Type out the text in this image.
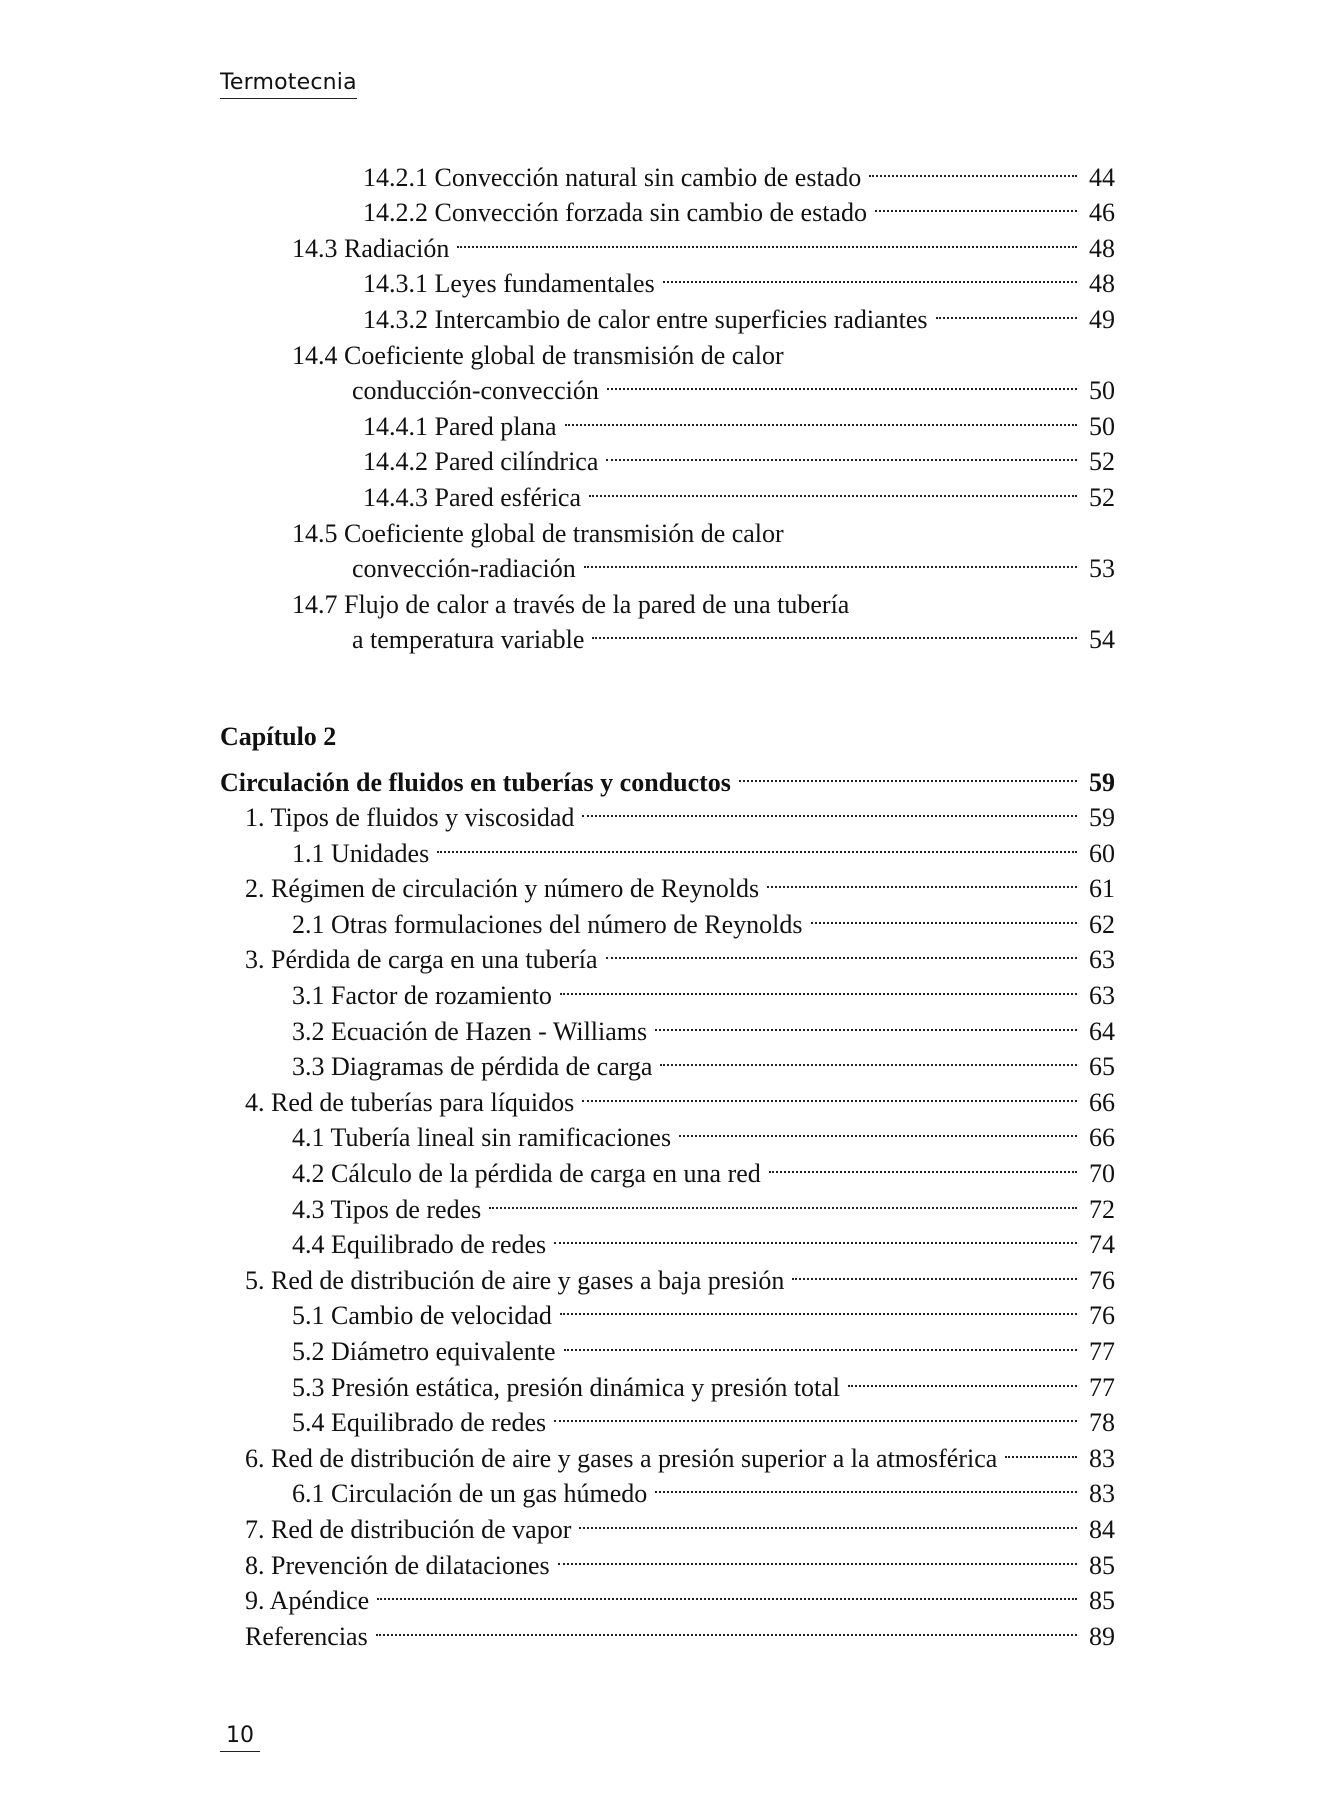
Termotecnia
14.2.1 Convección natural sin cambio de estado	44
14.2.2 Convección forzada sin cambio de estado	46
14.3 Radiación	48
14.3.1 Leyes fundamentales	48
14.3.2 Intercambio de calor entre superficies radiantes	49
14.4 Coeficiente global de transmisión de calor
conducción-convección	50
14.4.1 Pared plana	50
14.4.2 Pared cilíndrica	52
14.4.3 Pared esférica	52
14.5 Coeficiente global de transmisión de calor
convección-radiación	53
14.7 Flujo de calor a través de la pared de una tubería
a temperatura variable	54
Capítulo 2
Circulación de fluidos en tuberías y conductos	59
1. Tipos de fluidos y viscosidad	59
1.1 Unidades	60
2. Régimen de circulación y número de Reynolds	61
2.1 Otras formulaciones del número de Reynolds	62
3. Pérdida de carga en una tubería	63
3.1 Factor de rozamiento	63
3.2 Ecuación de Hazen - Williams	64
3.3 Diagramas de pérdida de carga	65
4. Red de tuberías para líquidos	66
4.1 Tubería lineal sin ramificaciones	66
4.2 Cálculo de la pérdida de carga en una red	70
4.3 Tipos de redes	72
4.4 Equilibrado de redes	74
5. Red de distribución de aire y gases a baja presión	76
5.1 Cambio de velocidad	76
5.2 Diámetro equivalente	77
5.3 Presión estática, presión dinámica y presión total	77
5.4 Equilibrado de redes	78
6. Red de distribución de aire y gases a presión superior a la atmosférica	83
6.1 Circulación de un gas húmedo	83
7. Red de distribución de vapor	84
8. Prevención de dilataciones	85
9. Apéndice	85
Referencias	89
10
